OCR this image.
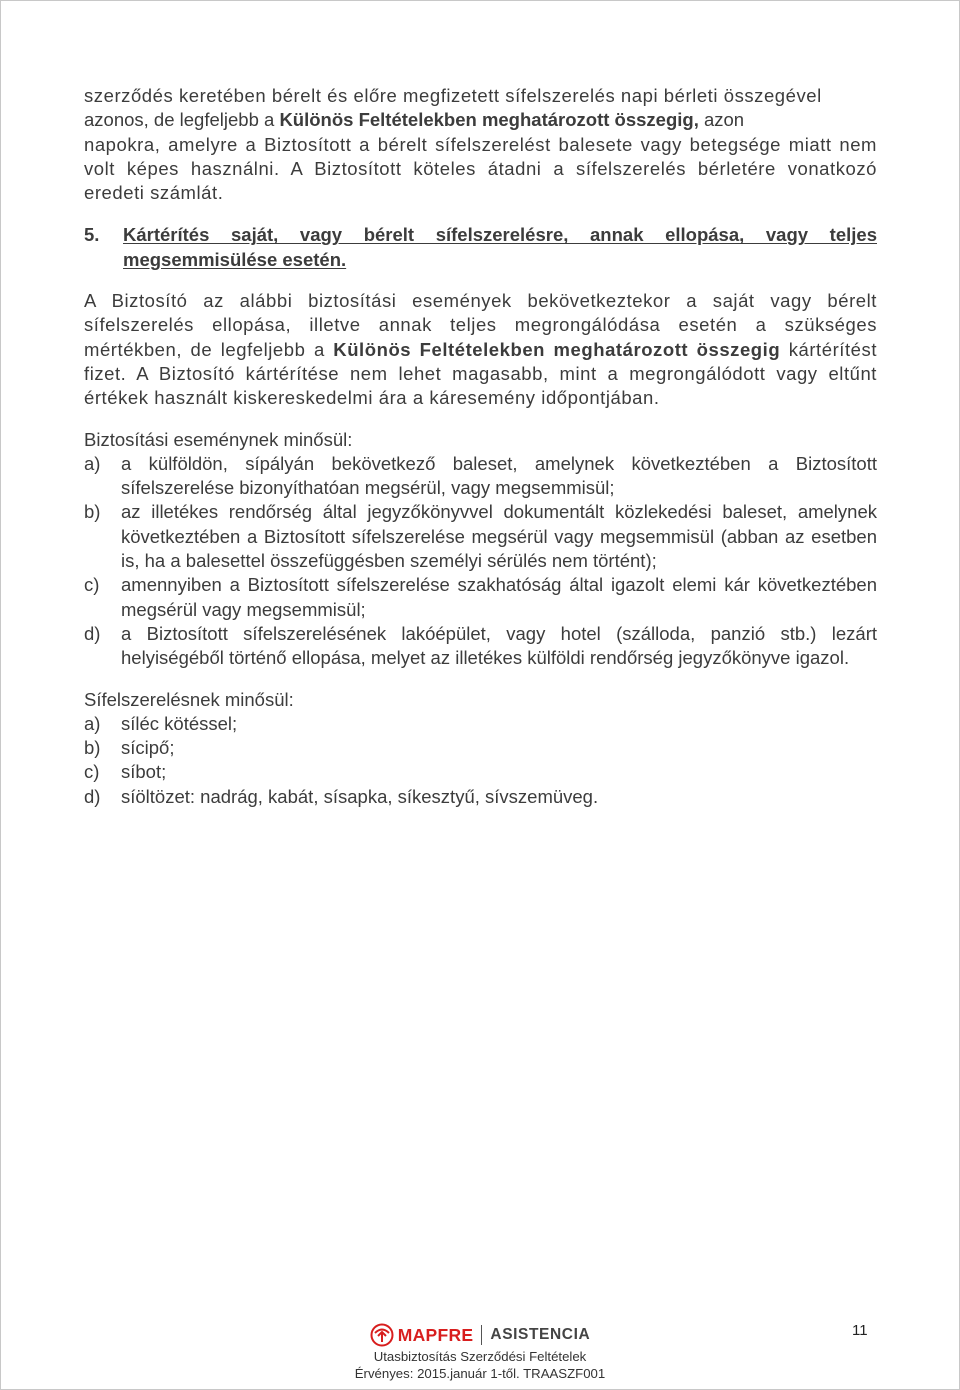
szerződés keretében bérelt és előre megfizetett sífelszerelés napi bérleti összegével

azonos, de legfeljebb a Különös Feltételekben meghatározott összegig, azon

napokra, amelyre a Biztosított a bérelt sífelszerelést balesete vagy betegsége miatt nem volt képes használni. A Biztosított köteles átadni a sífelszerelés bérletére vonatkozó eredeti számlát.

5. Kártérítés saját, vagy bérelt sífelszerelésre, annak ellopása, vagy teljes megsemmisülése esetén.

A Biztosító az alábbi biztosítási események bekövetkeztekor a saját vagy bérelt sífelszerelés ellopása, illetve annak teljes megrongálódása esetén a szükséges mértékben, de legfeljebb a Különös Feltételekben meghatározott összegig kártérítést fizet. A Biztosító kártérítése nem lehet magasabb, mint a megrongálódott vagy eltűnt értékek használt kiskereskedelmi ára a káresemény időpontjában.

Biztosítási eseménynek minősül:
a) a külföldön, sípályán bekövetkező baleset, amelynek következtében a Biztosított sífelszerelése bizonyíthatóan megsérül, vagy megsemmisül;
b) az illetékes rendőrség által jegyzőkönyvvel dokumentált közlekedési baleset, amelynek következtében a Biztosított sífelszerelése megsérül vagy megsemmisül (abban az esetben is, ha a balesettel összefüggésben személyi sérülés nem történt);
c) amennyiben a Biztosított sífelszerelése szakhatóság által igazolt elemi kár következtében megsérül vagy megsemmisül;
d) a Biztosított sífelszerelésének lakóépület, vagy hotel (szálloda, panzió stb.) lezárt helyiségéből történő ellopása, melyet az illetékes külföldi rendőrség jegyzőkönyve igazol.
Sífelszerelésnek minősül:
a) síléc kötéssel;
b) sícipő;
c) síbot;
d) síöltözet: nadrág, kabát, sísapka, síkesztyű, sívszemüveg.
MAPFRE ASISTENCIA
Utasbiztosítás Szerződési Feltételek
Érvényes: 2015.január 1-től. TRAASZF001
11
